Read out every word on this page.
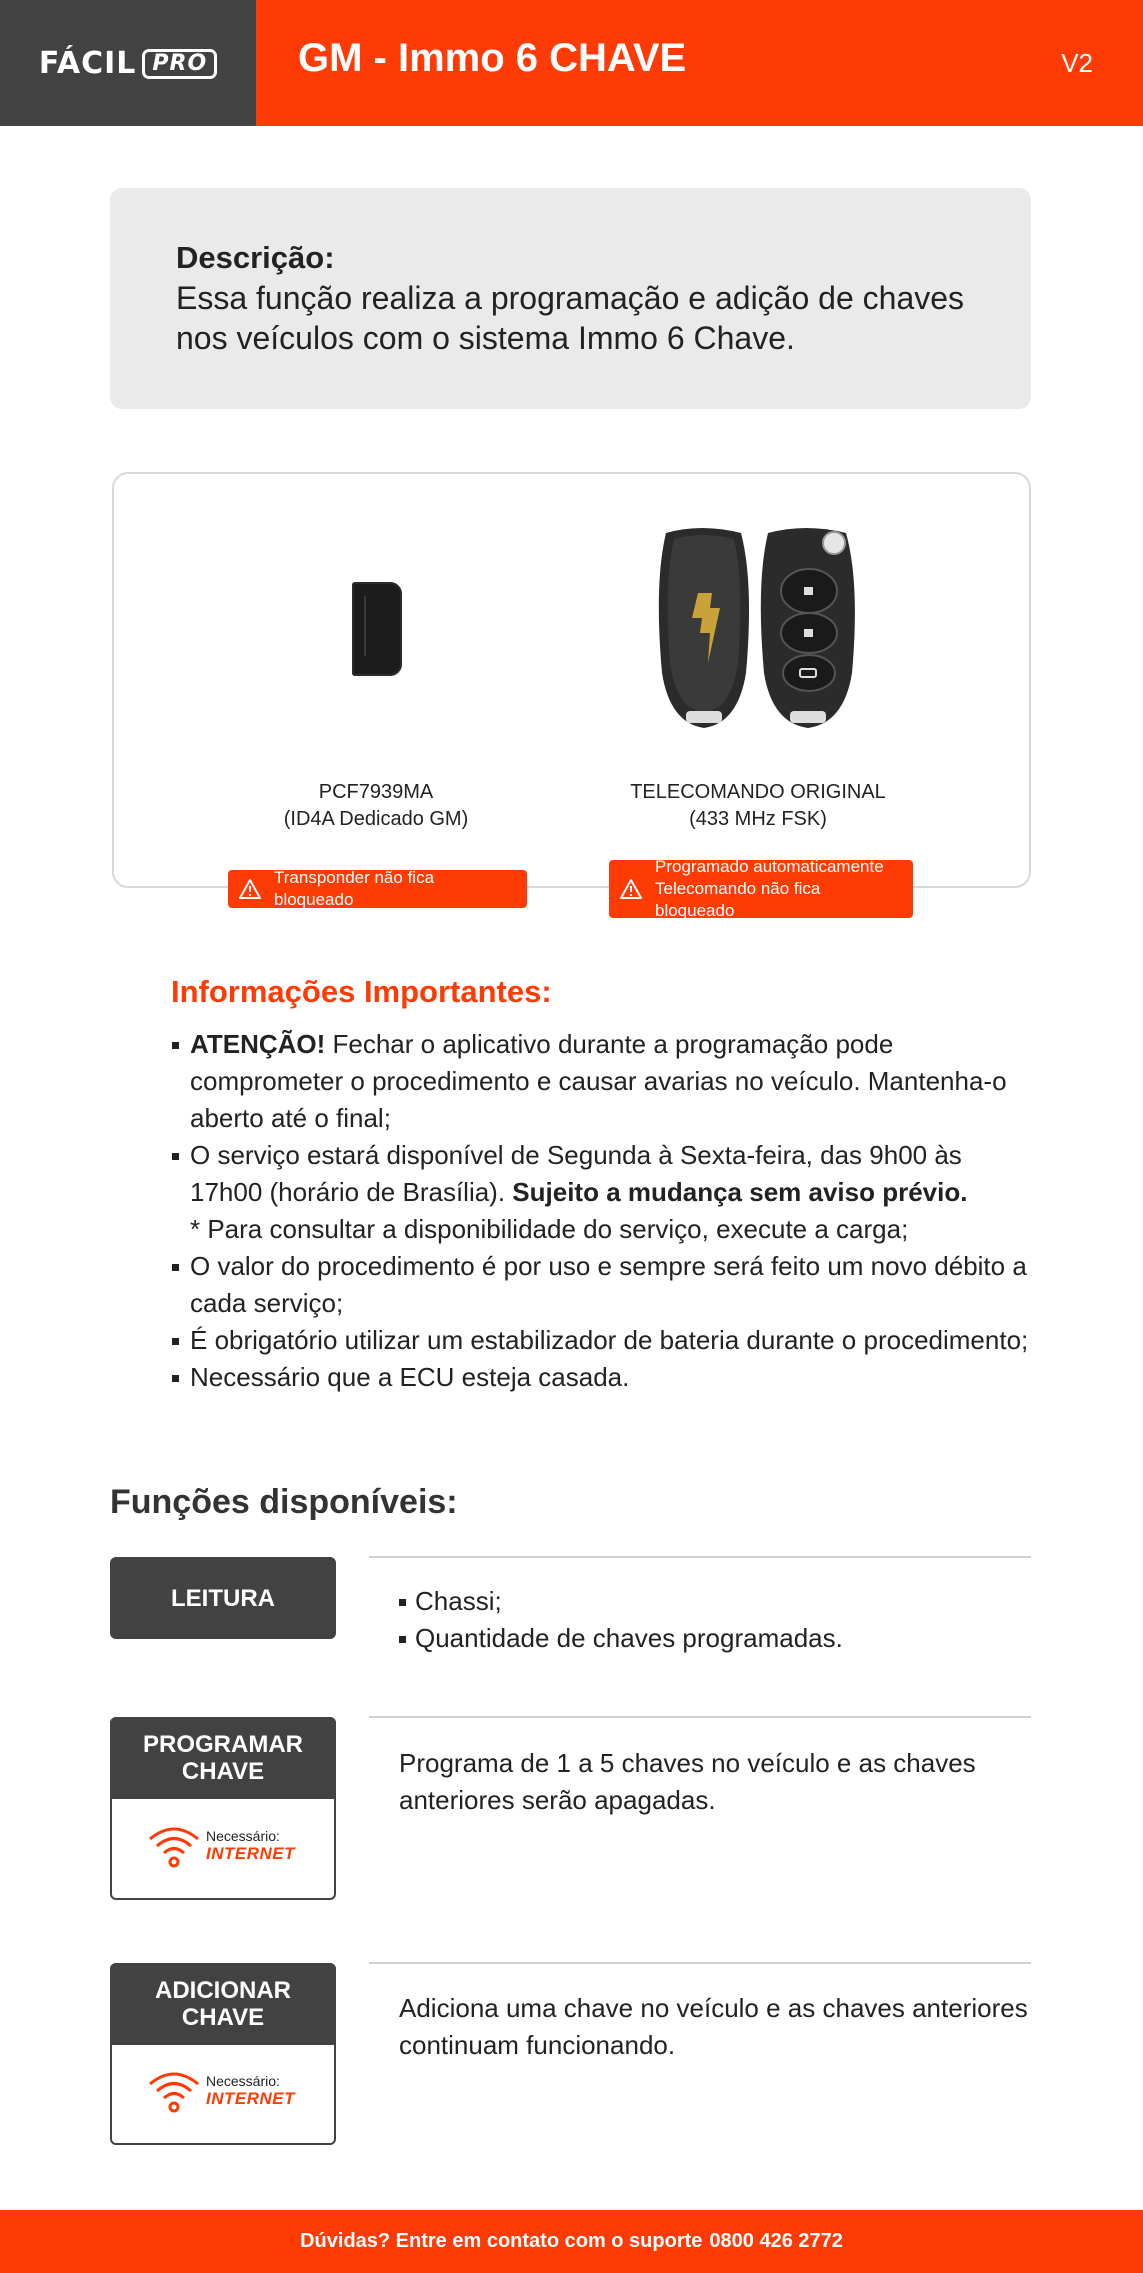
FÁCIL PRO GM - Immo 6 CHAVE	V2
Descrição:
Essa função realiza a programação e adição de chaves
nos veículos com o sistema Immo 6 Chave.
PCF7939MA
(ID4A Dedicado GM)
TELECOMANDO ORIGINAL
(433 MHz FSK)
Transponder não fica bloqueado
Programado automaticamente
Telecomando não fica bloqueado
Informações Importantes:
ATENÇÃO! Fechar o aplicativo durante a programação pode comprometer o procedimento e causar avarias no veículo. Mantenha-o aberto até o final;
O serviço estará disponível de Segunda à Sexta-feira, das 9h00 às 17h00 (horário de Brasília). Sujeito a mudança sem aviso prévio.
* Para consultar a disponibilidade do serviço, execute a carga;
O valor do procedimento é por uso e sempre será feito um novo débito a cada serviço;
É obrigatório utilizar um estabilizador de bateria durante o procedimento;
Necessário que a ECU esteja casada.
Funções disponíveis:
LEITURA	Chassi;
Quantidade de chaves programadas.
PROGRAMAR
CHAVE
Necessário:
INTERNET
Programa de 1 a 5 chaves no veículo e as chaves anteriores serão apagadas.
ADICIONAR
CHAVE
Necessário:
INTERNET
Adiciona uma chave no veículo e as chaves anteriores continuam funcionando.
Dúvidas? Entre em contato com o suporte 0800 426 2772
